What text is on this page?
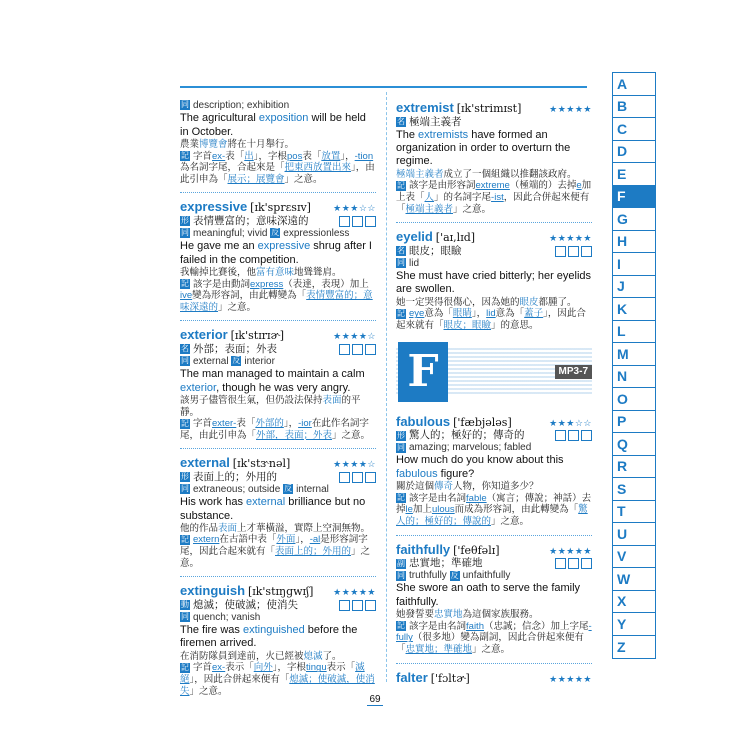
同 description; exhibition
The agricultural exposition will be held in October.
農業博覽會將在十月舉行。
記 字首ex-表「出」，字根pos表「放置」，-tion為名詞字尾，合起來是「把東西放置出來」，由此引申為「展示；展覽會」之意。
expressive [ɪk'sprɛsɪv] ★★★☆☆
形 表情豐富的；意味深遠的
同 meaningful; vivid 反 expressionless
He gave me an expressive shrug after I failed in the competition.
我輸掉比賽後，他富有意味地聳聳肩。
記 該字是由動詞express（表達，表現）加上ive變為形容詞，由此轉變為「表情豐富的；意味深遠的」之意。
exterior [ɪk'stɪrɪɚ]	★★★★☆
名 外部；表面；外表
同 external 反 interior
The man managed to maintain a calm exterior, though he was very angry.
該男子儘管很生氣，但仍設法保持表面的平靜。
記 字首exter-表「外部的」，-ior在此作名詞字尾，由此引申為「外部，表面；外表」之意。
external [ɪk'stɝnəl]	★★★★☆
形 表面上的；外用的
同 extraneous; outside 反 internal
His work has external brilliance but no substance.
他的作品表面上才華橫溢，實際上空洞無物。
記 extern在古語中表「外面」，-al是形容詞字尾，因此合起來就有「表面上的；外用的」之意。
extinguish [ɪk'stɪŋgwɪʃ] ★★★★★
動 熄滅；使破滅；使消失
同 quench; vanish
The fire was extinguished before the firemen arrived.
在消防隊員到達前，火已經被熄滅了。
記 字首ex-表示「向外」，字根tingu表示「滅絕」，因此合併起來便有「熄滅；使破滅，使消失」之意。
extremist [ɪk'strimɪst]	★★★★★
名 極端主義者
The extremists have formed an organization in order to overturn the regime.
極端主義者成立了一個組織以推翻該政府。
記 該字是由形容詞extreme（極端的）去掉e加上表「人」的名詞字尾-ist，因此合併起來便有「極端主義者」之意。
eyelid ['aɪ,lɪd]	★★★★★
名 眼皮；眼瞼
同 lid
She must have cried bitterly; her eyelids are swollen.
她一定哭得很傷心，因為她的眼皮都腫了。
記 eye意為「眼睛」，lid意為「蓋子」，因此合起來就有「眼皮；眼瞼」的意思。
F	MP3-7
fabulous ['fæbjələs]	★★★☆☆
形 驚人的；極好的；傳奇的
同 amazing; marvelous; fabled
How much do you know about this fabulous figure?
關於這個傳奇人物，你知道多少？
記 該字是由名詞fable（寓言；傳說；神話）去掉le加上ulous而成為形容詞，由此轉變為「驚人的；極好的；傳說的」之意。
faithfully ['feθfəlɪ]	★★★★★
副 忠實地；準確地
同 truthfully 反 unfaithfully
She swore an oath to serve the family faithfully.
她發誓要忠實地為這個家族服務。
記 該字是由名詞faith（忠誠；信念）加上字尾-fully（很多地）變為副詞，因此合併起來便有「忠實地；準確地」之意。
falter ['fɔltɚ]	★★★★★
A
B
C
D
E
F
G
H
I
J
K
L
M
N
O
P
Q
R
S
T
U
V
W
X
Y
Z
69
